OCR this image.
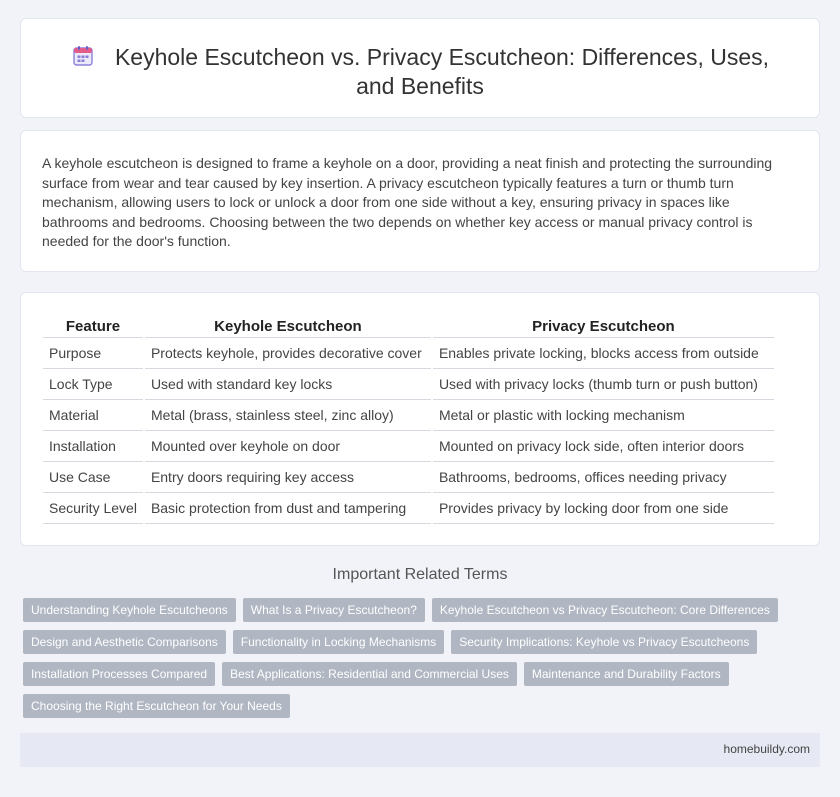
Keyhole Escutcheon vs. Privacy Escutcheon: Differences, Uses, and Benefits

A keyhole escutcheon is designed to frame a keyhole on a door, providing a neat finish and protecting the surrounding surface from wear and tear caused by key insertion. A privacy escutcheon typically features a turn or thumb turn mechanism, allowing users to lock or unlock a door from one side without a key, ensuring privacy in spaces like bathrooms and bedrooms. Choosing between the two depends on whether key access or manual privacy control is needed for the door's function.

Feature	Keyhole Escutcheon	Privacy Escutcheon
Purpose	Protects keyhole, provides decorative cover	Enables private locking, blocks access from outside
Lock Type	Used with standard key locks	Used with privacy locks (thumb turn or push button)
Material	Metal (brass, stainless steel, zinc alloy)	Metal or plastic with locking mechanism
Installation	Mounted over keyhole on door	Mounted on privacy lock side, often interior doors
Use Case	Entry doors requiring key access	Bathrooms, bedrooms, offices needing privacy
Security Level	Basic protection from dust and tampering	Provides privacy by locking door from one side
Important Related Terms
Understanding Keyhole Escutcheons	What Is a Privacy Escutcheon?	Keyhole Escutcheon vs Privacy Escutcheon: Core Differences
Design and Aesthetic Comparisons	Functionality in Locking Mechanisms	Security Implications: Keyhole vs Privacy Escutcheons
Installation Processes Compared	Best Applications: Residential and Commercial Uses	Maintenance and Durability Factors
Choosing the Right Escutcheon for Your Needs
homebuildy.com
